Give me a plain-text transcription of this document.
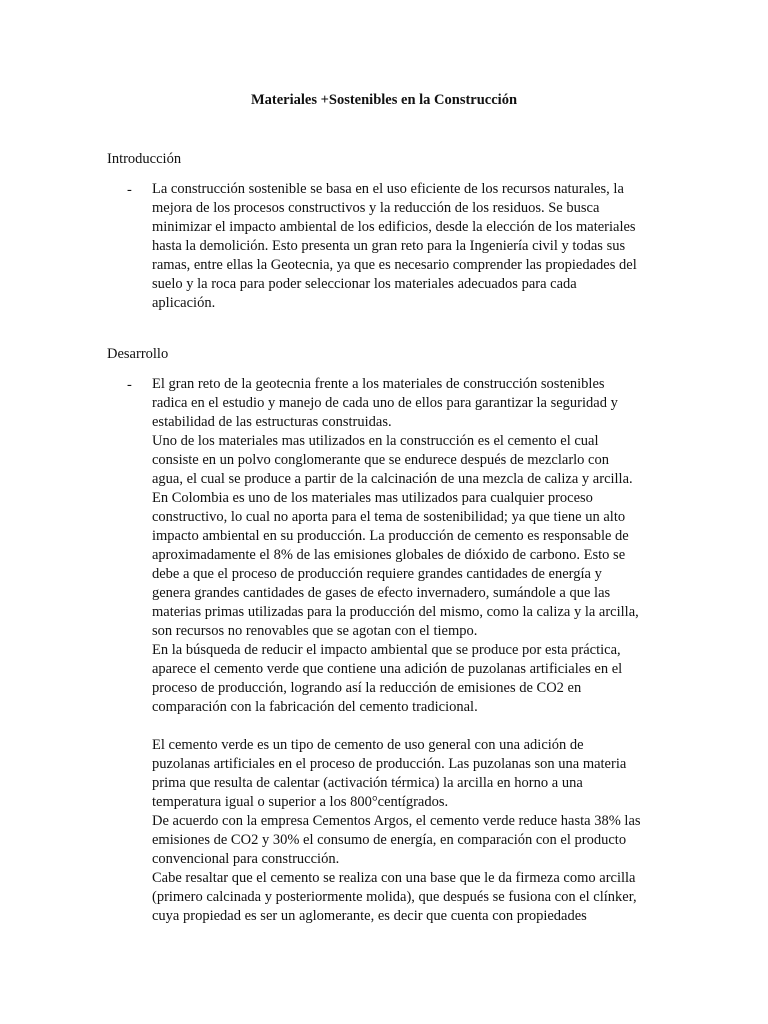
Materiales +Sostenibles en la Construcción
Introducción
- La construcción sostenible se basa en el uso eficiente de los recursos naturales, la
mejora de los procesos constructivos y la reducción de los residuos. Se busca
minimizar el impacto ambiental de los edificios, desde la elección de los materiales
hasta la demolición. Esto presenta un gran reto para la Ingeniería civil y todas sus
ramas, entre ellas la Geotecnia, ya que es necesario comprender las propiedades del
suelo y la roca para poder seleccionar los materiales adecuados para cada
aplicación.
Desarrollo
- El gran reto de la geotecnia frente a los materiales de construcción sostenibles
radica en el estudio y manejo de cada uno de ellos para garantizar la seguridad y
estabilidad de las estructuras construidas.
Uno de los materiales mas utilizados en la construcción es el cemento el cual
consiste en un polvo conglomerante que se endurece después de mezclarlo con
agua, el cual se produce a partir de la calcinación de una mezcla de caliza y arcilla.
En Colombia es uno de los materiales mas utilizados para cualquier proceso
constructivo, lo cual no aporta para el tema de sostenibilidad; ya que tiene un alto
impacto ambiental en su producción. La producción de cemento es responsable de
aproximadamente el 8% de las emisiones globales de dióxido de carbono. Esto se
debe a que el proceso de producción requiere grandes cantidades de energía y
genera grandes cantidades de gases de efecto invernadero, sumándole a que las
materias primas utilizadas para la producción del mismo, como la caliza y la arcilla,
son recursos no renovables que se agotan con el tiempo.
En la búsqueda de reducir el impacto ambiental que se produce por esta práctica,
aparece el cemento verde que contiene una adición de puzolanas artificiales en el
proceso de producción, logrando así la reducción de emisiones de CO2 en
comparación con la fabricación del cemento tradicional.
El cemento verde es un tipo de cemento de uso general con una adición de
puzolanas artificiales en el proceso de producción. Las puzolanas son una materia
prima que resulta de calentar (activación térmica) la arcilla en horno a una
temperatura igual o superior a los 800°centígrados.
De acuerdo con la empresa Cementos Argos, el cemento verde reduce hasta 38% las
emisiones de CO2 y 30% el consumo de energía, en comparación con el producto
convencional para construcción.
Cabe resaltar que el cemento se realiza con una base que le da firmeza como arcilla
(primero calcinada y posteriormente molida), que después se fusiona con el clínker,
cuya propiedad es ser un aglomerante, es decir que cuenta con propiedades
